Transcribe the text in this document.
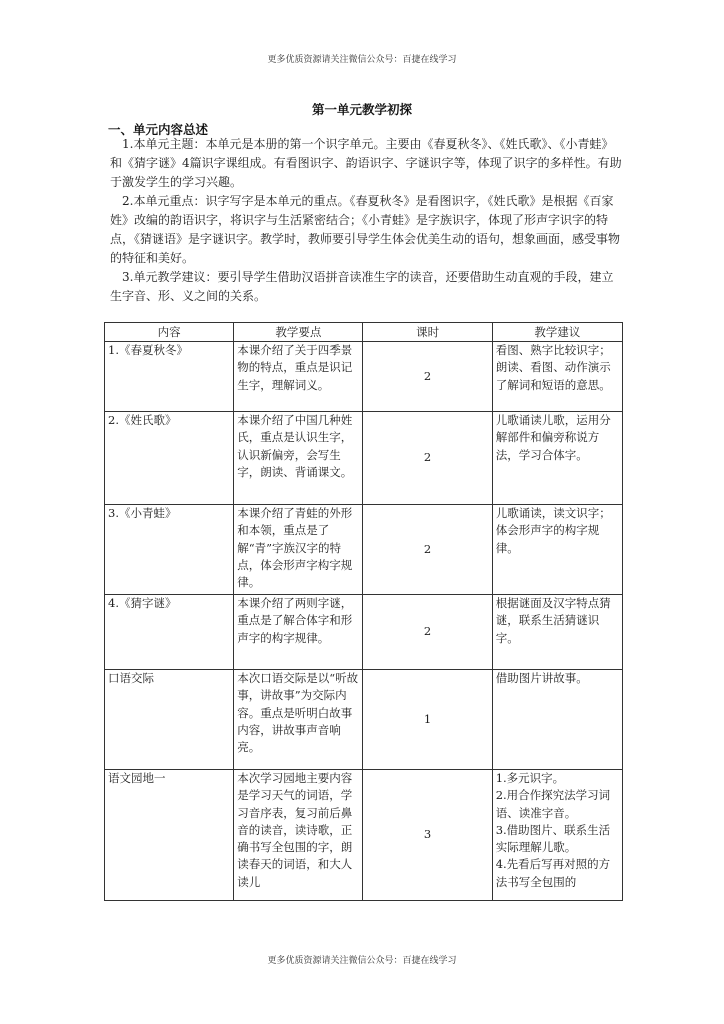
更多优质资源请关注微信公众号：百捷在线学习
第一单元教学初探
一、单元内容总述

1.本单元主题：本单元是本册的第一个识字单元。主要由《春夏秋冬》、《姓氏歌》、《小青蛙》和《猜字谜》4篇识字课组成。有看图识字、韵语识字、字谜识字等，体现了识字的多样性。有助于激发学生的学习兴趣。

2.本单元重点：识字写字是本单元的重点。《春夏秋冬》是看图识字，《姓氏歌》是根据《百家姓》改编的韵语识字，将识字与生活紧密结合；《小青蛙》是字族识字，体现了形声字识字的特点，《猜谜语》是字谜识字。教学时，教师要引导学生体会优美生动的语句，想象画面，感受事物的特征和美好。

3.单元教学建议：要引导学生借助汉语拼音读准生字的读音，还要借助生动直观的手段，建立生字音、形、义之间的关系。

内容	教学要点	课时	教学建议
1.《春夏秋冬》	本课介绍了关于四季景物的特点，重点是识记生字，理解词义。	2	看图、熟字比较识字；朗读、看图、动作演示了解词和短语的意思。
2.《姓氏歌》	本课介绍了中国几种姓氏，重点是认识生字，认识新偏旁，会写生字，朗读、背诵课文。	2	儿歌诵读儿歌，运用分解部件和偏旁称说方法，学习合体字。
3.《小青蛙》	本课介绍了青蛙的外形和本领，重点是了解“青”字族汉字的特点，体会形声字构字规律。	2	儿歌诵读，读文识字；体会形声字的构字规律。
4.《猜字谜》	本课介绍了两则字谜，重点是了解合体字和形声字的构字规律。	2	根据谜面及汉字特点猜谜，联系生活猜谜识字。
口语交际	本次口语交际是以“听故事，讲故事”为交际内容。重点是听明白故事内容，讲故事声音响亮。	1	借助图片讲故事。
语文园地一	本次学习园地主要内容是学习天气的词语，学习音序表，复习前后鼻音的读音，读诗歌，正确书写全包围的字，朗读春天的词语，和大人读儿	3	1.多元识字。
2.用合作探究法学习词语、读准字音。
3.借助图片、联系生活实际理解儿歌。
4.先看后写再对照的方法书写全包围的
更多优质资源请关注微信公众号：百捷在线学习
